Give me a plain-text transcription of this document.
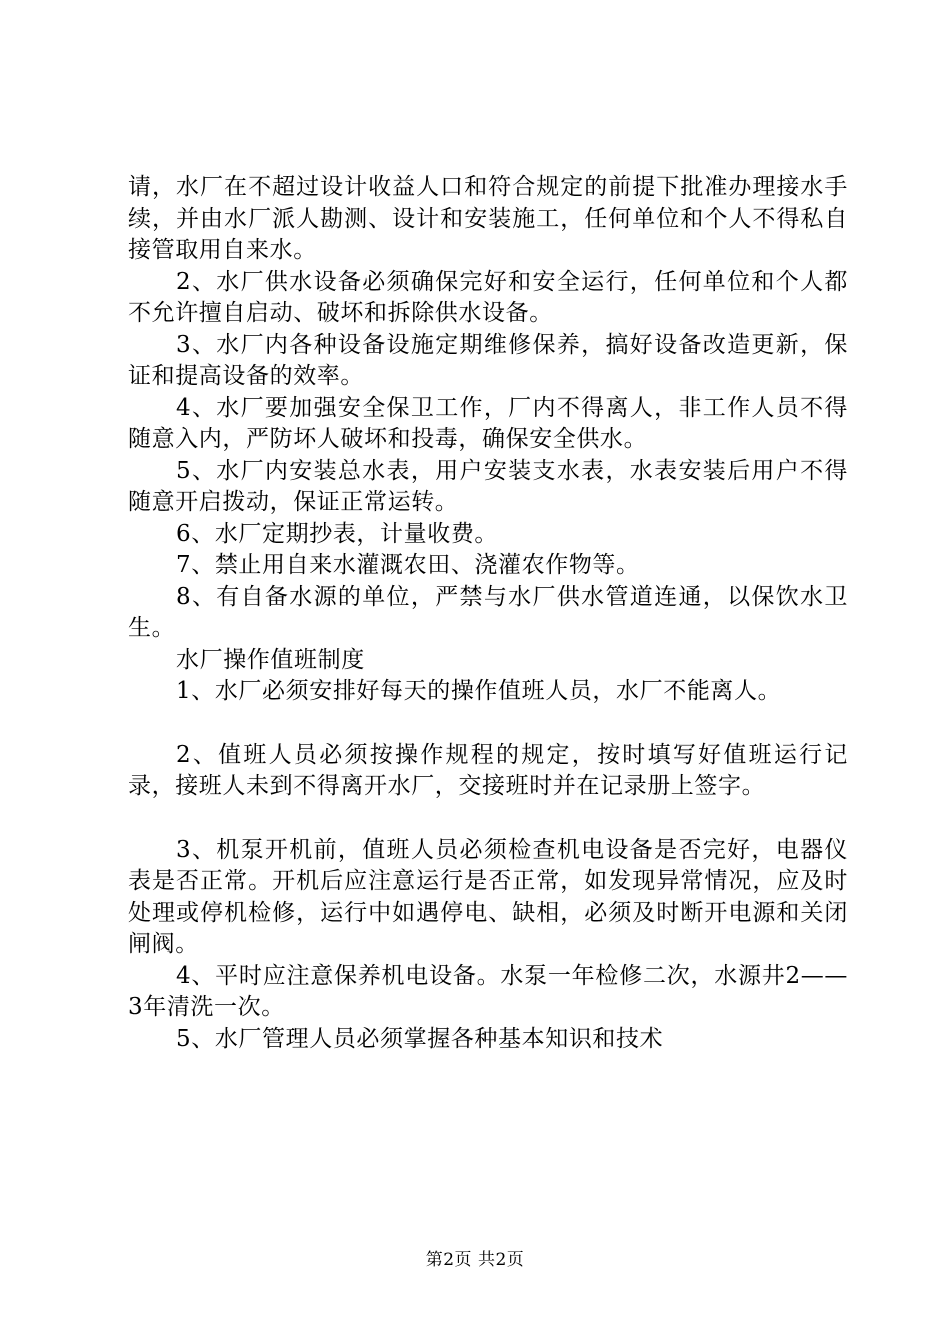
请，水厂在不超过设计收益人口和符合规定的前提下批准办理接水手续，并由水厂派人勘测、设计和安装施工，任何单位和个人不得私自接管取用自来水。

2、水厂供水设备必须确保完好和安全运行，任何单位和个人都不允许擅自启动、破坏和拆除供水设备。

3、水厂内各种设备设施定期维修保养，搞好设备改造更新，保证和提高设备的效率。

4、水厂要加强安全保卫工作，厂内不得离人，非工作人员不得随意入内，严防坏人破坏和投毒，确保安全供水。

5、水厂内安装总水表，用户安装支水表，水表安装后用户不得随意开启拨动，保证正常运转。

6、水厂定期抄表，计量收费。

7、禁止用自来水灌溉农田、浇灌农作物等。

8、有自备水源的单位，严禁与水厂供水管道连通，以保饮水卫生。

水厂操作值班制度

1、水厂必须安排好每天的操作值班人员，水厂不能离人。

2、值班人员必须按操作规程的规定，按时填写好值班运行记录，接班人未到不得离开水厂，交接班时并在记录册上签字。

3、机泵开机前，值班人员必须检查机电设备是否完好，电器仪表是否正常。开机后应注意运行是否正常，如发现异常情况，应及时处理或停机检修，运行中如遇停电、缺相，必须及时断开电源和关闭闸阀。

4、平时应注意保养机电设备。水泵一年检修二次，水源井2——3年清洗一次。

5、水厂管理人员必须掌握各种基本知识和技术

第2页 共2页
